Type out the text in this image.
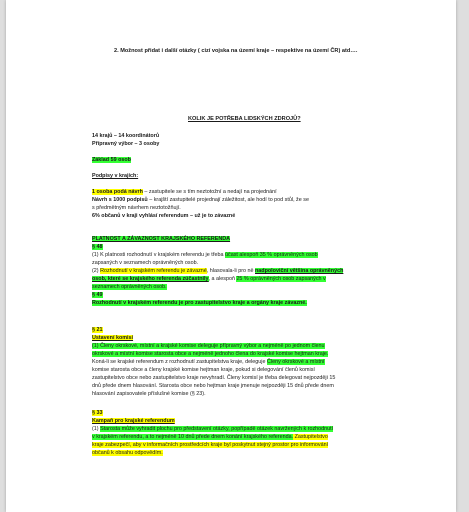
2. Možnost přidat i další otázky ( cizí vojska na území kraje – respektive na území ČR) atd….
KOLIK JE POTŘEBA LIDSKÝCH ZDROJŮ?
14 krajů – 14 koordinátorů
Přípravný výbor – 3 osoby
Základ 59 osob
Podpisy v krajích:
1 osoba podá návrh – zastupitele se s tím neztotožní a nedají na projednání
Návrh s 1000 podpisů – krajští zastupitelé projednají záležitost, ale hodí to pod stůl, že se
s předmětným návrhem neztotožňují.
6% občanů v kraji vyhlásí referendum – už je to závazné
PLATNOST A ZÁVAZNOST KRAJSKÉHO REFERENDA
§ 48
(1) K platnosti rozhodnutí v krajském referendu je třeba účast alespoň 35 % oprávněných osob
zapsaných v seznamech oprávněných osob.
(2) Rozhodnutí v krajském referendu je závazné, hlasovala-li pro ně nadpoloviční většina oprávněných
osob, které se krajského referenda zúčastnily, a alespoň 25 % oprávněných osob zapsaných v
seznamech oprávněných osob.
§ 49
Rozhodnutí v krajském referendu je pro zastupitelstvo kraje a orgány kraje závazné.
§ 21
Ustavení komisí
(1) Členy okrskové, místní a krajské komise deleguje přípravný výbor a nejméně po jednom členu
okrskové a místní komise starosta obce a nejméně jednoho člena do krajské komise hejtman kraje.
Koná-li se krajské referendum z rozhodnutí zastupitelstva kraje, deleguje Členy okrskové a místní
komise starosta obce a členy krajské komise hejtman kraje, pokud si delegování členů komisí
zastupitelstvo obce nebo zastupitelstvo kraje nevyhradí. Členy komisí je třeba delegovat nejpozději 15
dnů přede dnem hlasování. Starosta obce nebo hejtman kraje jmenuje nejpozději 15 dnů přede dnem
hlasování zapisovatele příslušné komise (§ 23).
§ 33
Kampaň pro krajské referendum
(1) Starosta může vyhradit plochu pro představení otázky, popřípadě otázek navržených k rozhodnutí
v krajském referendu, a to nejméně 10 dnů přede dnem konání krajského referenda. Zastupitelstvo
kraje zabezpečí, aby v informačních prostředcích kraje byl poskytnut stejný prostor pro informování
občanů k obsahu odpovědím.
